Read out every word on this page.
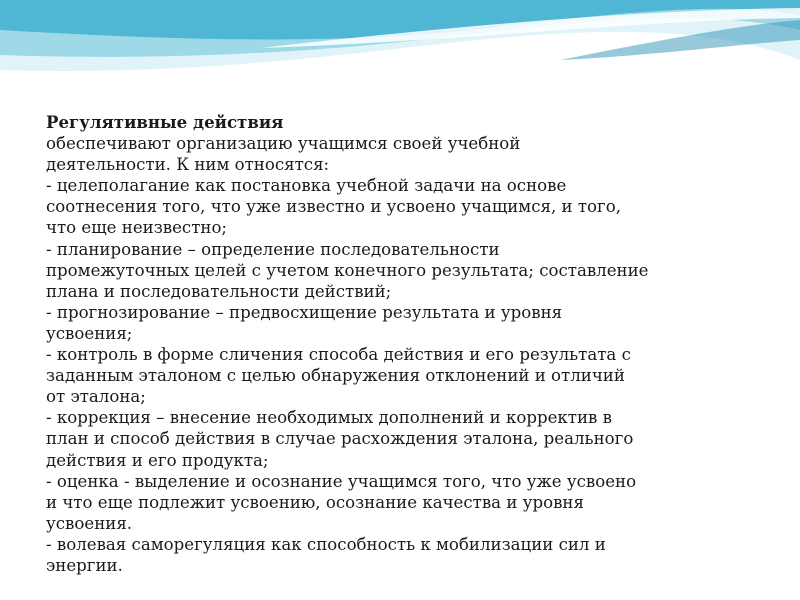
Регулятивные действия
обеспечивают организацию учащимся своей учебной
деятельности. К ним относятся:
- целеполагание как постановка учебной задачи на основе
соотнесения того, что уже известно и усвоено учащимся, и того,
что еще неизвестно;
- планирование – определение последовательности
промежуточных целей с учетом конечного результата; составление
плана и последовательности действий;
- прогнозирование – предвосхищение результата и уровня
усвоения;
- контроль в форме сличения способа действия и его результата с
заданным эталоном с целью обнаружения отклонений и отличий
от эталона;
- коррекция – внесение необходимых дополнений и корректив в
план и способ действия в случае расхождения эталона, реального
действия и его продукта;
- оценка - выделение и осознание учащимся того, что уже усвоено
и что еще подлежит усвоению, осознание качества и уровня
усвоения.
- волевая саморегуляция как способность к мобилизации сил и
энергии.
